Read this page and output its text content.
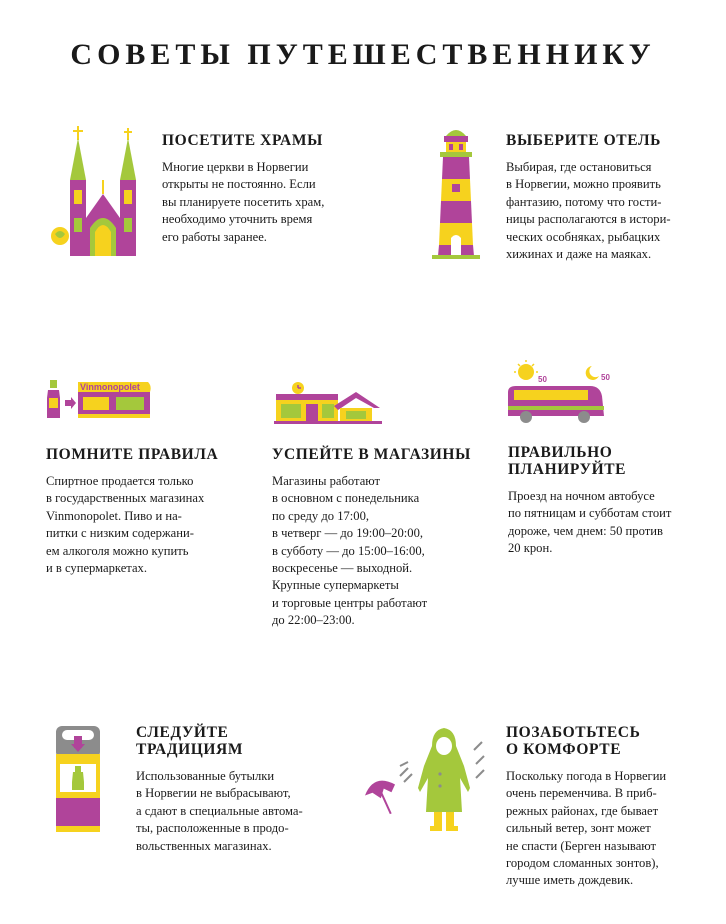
СОВЕТЫ ПУТЕШЕСТВЕННИКУ
ПОСЕТИТЕ ХРАМЫ

Многие церкви в Норвегии
открыты не постоянно. Если
вы планируете посетить храм,
необходимо уточнить время
его работы заранее.

ВЫБЕРИТЕ ОТЕЛЬ

Выбирая, где остановиться
в Норвегии, можно проявить
фантазию, потому что гости-
ницы располагаются в истори-
ческих особняках, рыбацких
хижинах и даже на маяках.

Vinmonopolet
ПОМНИТЕ ПРАВИЛА

Спиртное продается только
в государственных магазинах
Vinmonopolet. Пиво и на-
питки с низким содержани-
ем алкоголя можно купить
и в супермаркетах.

УСПЕЙТЕ В МАГАЗИНЫ

Магазины работают
в основном с понедельника
по среду до 17:00,
в четверг — до 19:00–20:00,
в субботу — до 15:00–16:00,
воскресенье — выходной.
Крупные супермаркеты
и торговые центры работают
до 22:00–23:00.

50	50
ПРАВИЛЬНО
ПЛАНИРУЙТЕ

Проезд на ночном автобусе
по пятницам и субботам стоит
дороже, чем днем: 50 против
20 крон.

СЛЕДУЙТЕ
ТРАДИЦИЯМ

Использованные бутылки
в Норвегии не выбрасывают,
а сдают в специальные автома-
ты, расположенные в продо-
вольственных магазинах.

ПОЗАБОТЬТЕСЬ
О КОМФОРТЕ

Поскольку погода в Норвегии
очень переменчива. В приб-
режных районах, где бывает
сильный ветер, зонт может
не спасти (Берген называют
городом сломанных зонтов),
лучше иметь дождевик.
